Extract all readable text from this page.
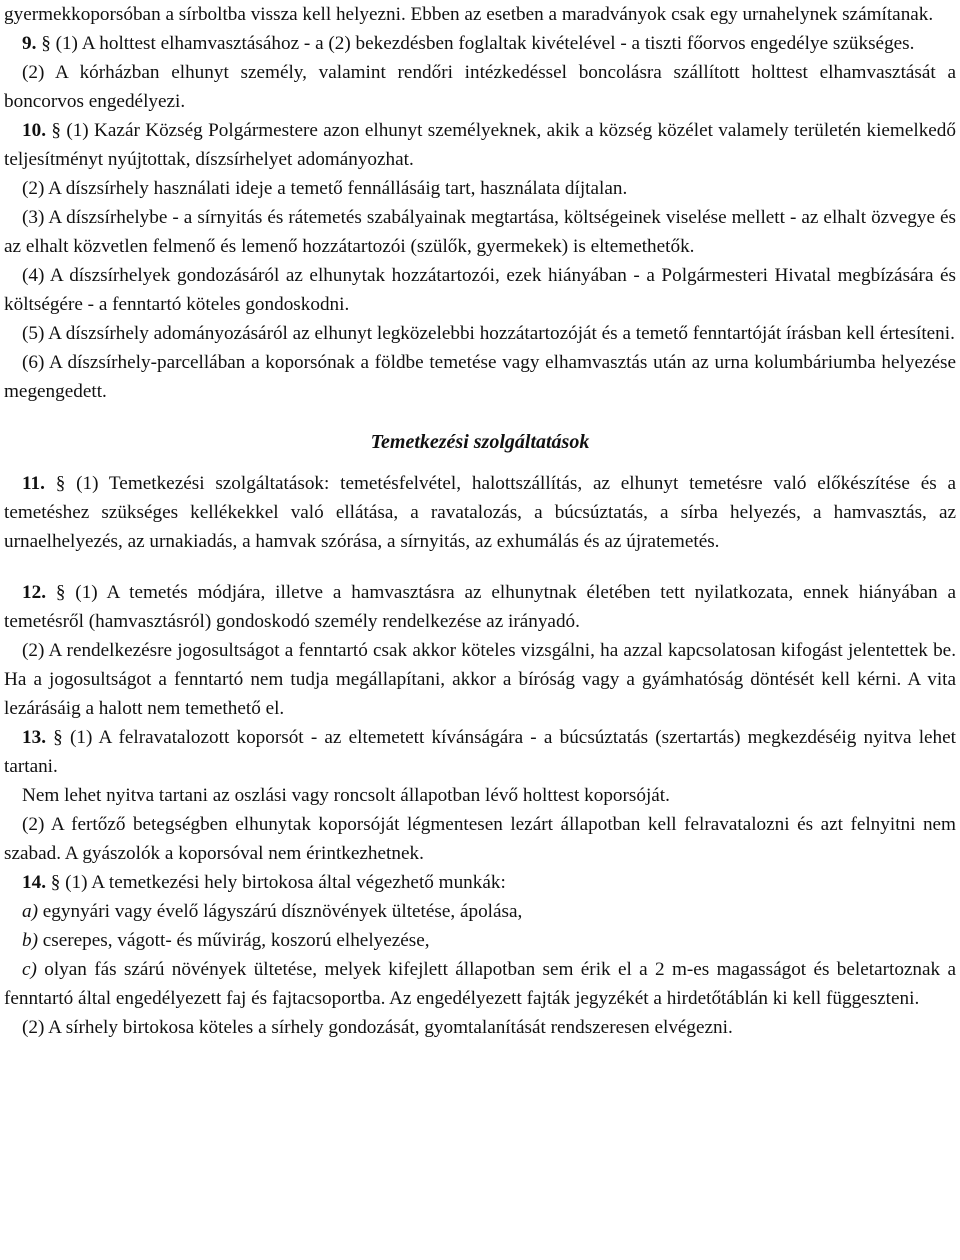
gyermekkoporsóban a sírboltba vissza kell helyezni. Ebben az esetben a maradványok csak egy urnahelynek számítanak.

9. § (1) A holttest elhamvasztásához - a (2) bekezdésben foglaltak kivételével - a tiszti főorvos engedélye szükséges.

(2) A kórházban elhunyt személy, valamint rendőri intézkedéssel boncolásra szállított holttest elhamvasztását a boncorvos engedélyezi.

10. § (1) Kazár Község Polgármestere azon elhunyt személyeknek, akik a község közélet valamely területén kiemelkedő teljesítményt nyújtottak, díszsírhelyet adományozhat.

(2) A díszsírhely használati ideje a temető fennállásáig tart, használata díjtalan.

(3) A díszsírhelybe - a sírnyitás és rátemetés szabályainak megtartása, költségeinek viselése mellett - az elhalt özvegye és az elhalt közvetlen felmenő és lemenő hozzátartozói (szülők, gyermekek) is eltemethetők.

(4) A díszsírhelyek gondozásáról az elhunytak hozzátartozói, ezek hiányában - a Polgármesteri Hivatal megbízására és költségére - a fenntartó köteles gondoskodni.

(5) A díszsírhely adományozásáról az elhunyt legközelebbi hozzátartozóját és a temető fenntartóját írásban kell értesíteni.

(6) A díszsírhely-parcellában a koporsónak a földbe temetése vagy elhamvasztás után az urna kolumbáriumba helyezése megengedett.

Temetkezési szolgáltatások

11. § (1) Temetkezési szolgáltatások: temetésfelvétel, halottszállítás, az elhunyt temetésre való előkészítése és a temetéshez szükséges kellékekkel való ellátása, a ravatalozás, a búcsúztatás, a sírba helyezés, a hamvasztás, az urnaelhelyezés, az urnakiadás, a hamvak szórása, a sírnyitás, az exhumálás és az újratemetés.

12. § (1) A temetés módjára, illetve a hamvasztásra az elhunytnak életében tett nyilatkozata, ennek hiányában a temetésről (hamvasztásról) gondoskodó személy rendelkezése az irányadó.

(2) A rendelkezésre jogosultságot a fenntartó csak akkor köteles vizsgálni, ha azzal kapcsolatosan kifogást jelentettek be. Ha a jogosultságot a fenntartó nem tudja megállapítani, akkor a bíróság vagy a gyámhatóság döntését kell kérni. A vita lezárásáig a halott nem temethető el.

13. § (1) A felravatalozott koporsót - az eltemetett kívánságára - a búcsúztatás (szertartás) megkezdéséig nyitva lehet tartani.

Nem lehet nyitva tartani az oszlási vagy roncsolt állapotban lévő holttest koporsóját.

(2) A fertőző betegségben elhunytak koporsóját légmentesen lezárt állapotban kell felravatalozni és azt felnyitni nem szabad. A gyászolók a koporsóval nem érintkezhetnek.

14. § (1) A temetkezési hely birtokosa által végezhető munkák:

a) egynyári vagy évelő lágyszárú dísznövények ültetése, ápolása,

b) cserepes, vágott- és művirág, koszorú elhelyezése,

c) olyan fás szárú növények ültetése, melyek kifejlett állapotban sem érik el a 2 m-es magasságot és beletartoznak a fenntartó által engedélyezett faj és fajtacsoportba. Az engedélyezett fajták jegyzékét a hirdetőtáblán ki kell függeszteni.

(2) A sírhely birtokosa köteles a sírhely gondozását, gyomtalanítását rendszeresen elvégezni.
